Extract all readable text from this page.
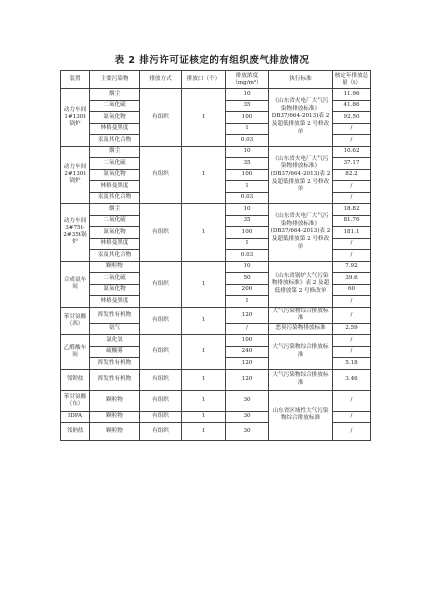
表 2 排污许可证核定的有组织废气排放情况
装置	主要污染物	排放方式	排放口（个）	排放浓度（mg/m³）	执行标准	核定年排放总量（t）
动力车间1#130t锅炉	烟尘	有组织	1	10	《山东省火电厂大气污染物排放标准》DB37/664-2013)表 2 及超低排放第 2 号修改单	11.96
	二氧化硫			35		41.86
	氮氧化物			100		92.50
	林格曼黑度			1		/
	汞及其化合物			0.03		/
动力车间2#130t锅炉	烟尘	有组织	1	10	《山东省火电厂大气污染物排放标准》(DB37/664-2013)表 2 及超低排放第 2 号修改单	10.62
	二氧化硫			35		37.17
	氮氧化物			100		82.2
	林格曼黑度			1		/
	汞及其化合物			0.03		/
动力车间3#75t-2#35t锅炉	烟尘	有组织	1	10	《山东省火电厂大气污染物排放标准》(DB37/664-2013)表 2 及超低排放第 2 号修改单	18.82
	二氧化硫			35		81.76
	氮氧化物			100		181.1
	林格曼黑度			1		/
	汞及其化合物			0.03		/
合成氨车间	颗粒物	有组织	1	10	《山东省锅炉大气污染物排放标准》表 2 及超低排放第 2 号修改单	7.92
	二氧化硫			50		39.6
	氮氧化物			200		60
	林格曼黑度			1		/
苯甘氨酸（西）	挥发性有机物	有组织	1	120	大气污染物综合排放标准	/
	氨气			/	恶臭污染物排放标准	2.59
乙醛酸车间	氯化氢	有组织	1	100	大气污染物综合排放标准	/
	硫酸雾			240		/
	挥发性有机物			120		5.18
邻钾盐	挥发性有机物	有组织	1	120	大气污染物综合排放标准	3.46
苯甘氨酸（东）	颗粒物	有组织	1	30	山东省区域性大气污染物综合排放标准	/
IDPA	颗粒物	有组织	1	30		/
邻钠盐	颗粒物	有组织	1	30		/
